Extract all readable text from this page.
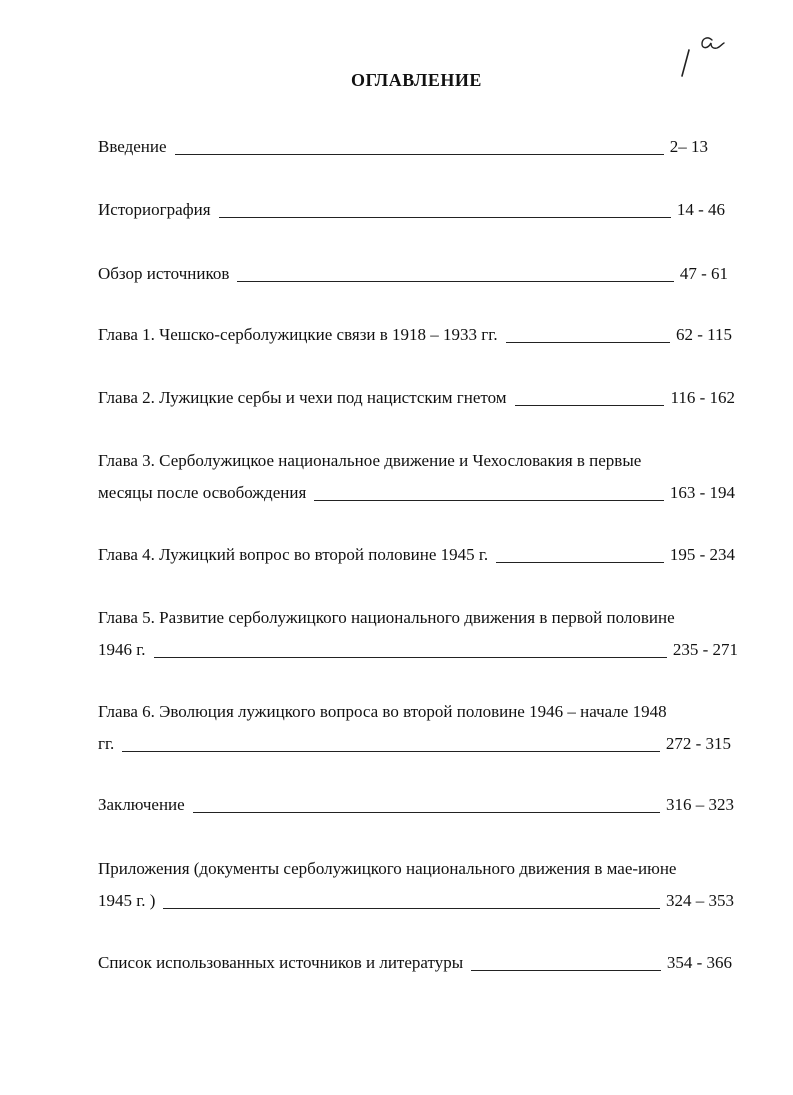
ОГЛАВЛЕНИЕ
Введение	2– 13
Историография	14 - 46
Обзор источников	47 - 61
Глава 1. Чешско-серболужицкие связи в 1918 – 1933 гг.	62 - 115
Глава 2. Лужицкие сербы и чехи под нацистским гнетом	116 - 162
Глава 3. Серболужицкое национальное движение и Чехословакия в первые
месяцы после освобождения	163 - 194
Глава 4. Лужицкий вопрос во второй половине 1945 г.	195 - 234
Глава 5. Развитие серболужицкого национального движения в первой половине
1946 г.	235 - 271
Глава 6. Эволюция лужицкого вопроса во второй половине 1946 – начале 1948
гг.	272 - 315
Заключение	316 – 323
Приложения (документы серболужицкого национального движения в мае-июне
1945 г. )	324 – 353
Список использованных источников и литературы	354 - 366
